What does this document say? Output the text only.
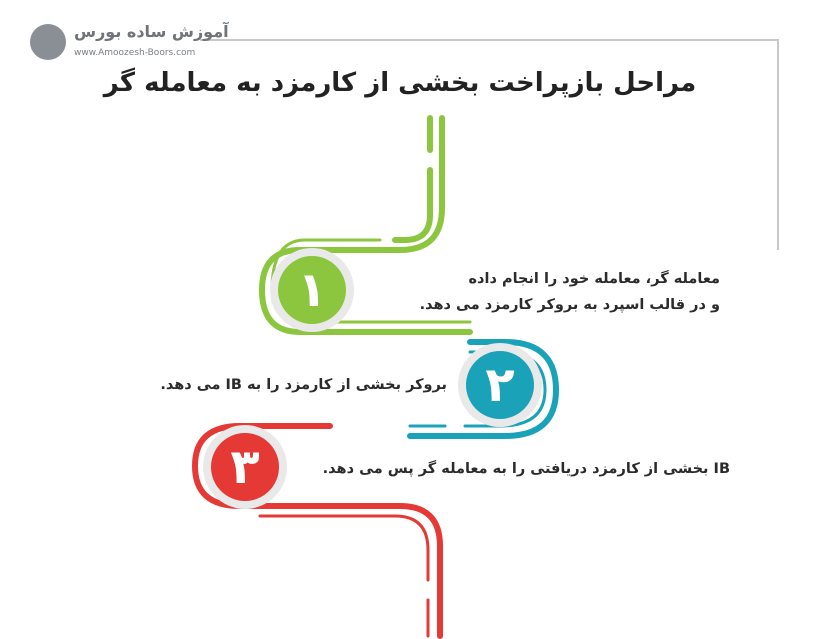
آموزش ساده بورس
www.Amoozesh-Boors.com
مراحل بازپراخت بخشی از کارمزد به معامله گر
۱
۲
۳
معامله گر، معامله خود را انجام داده
و در قالب اسپرد به بروکر کارمزد می دهد.
بروکر بخشی از کارمزد را به IB می دهد.
IB بخشی از کارمزد دریافتی را به معامله گر پس می دهد.
